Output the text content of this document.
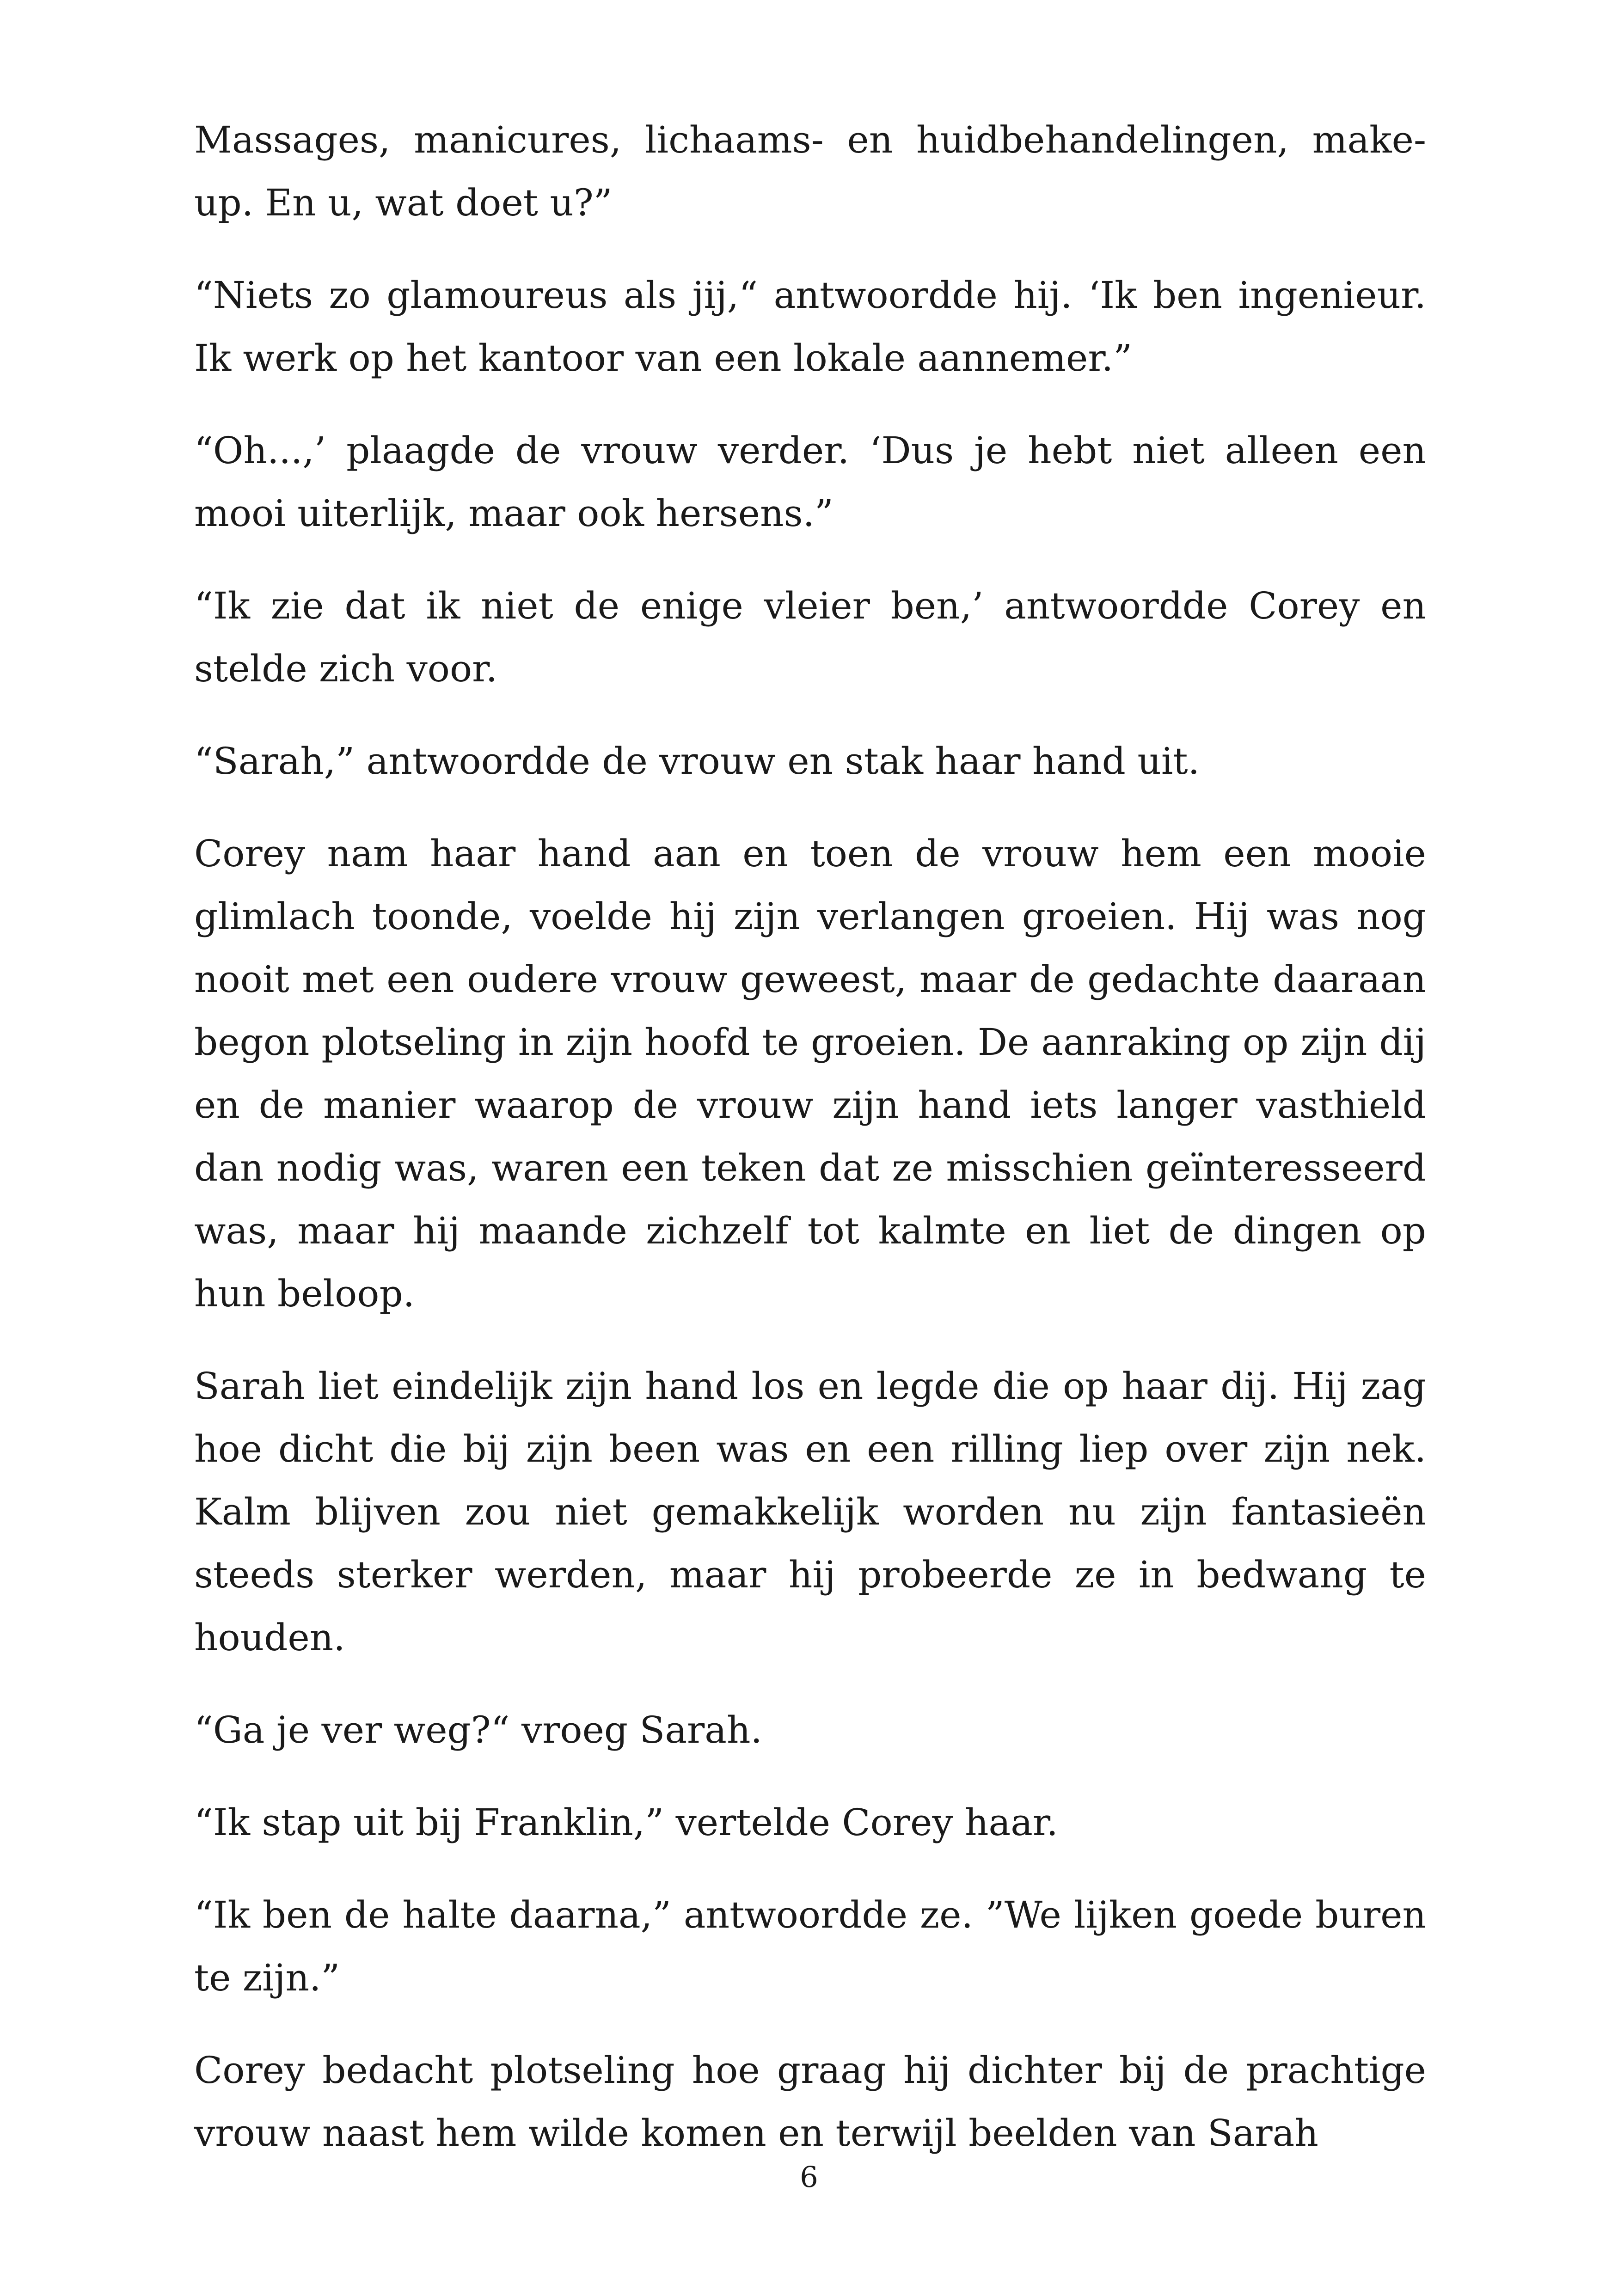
Massages, manicures, lichaams- en huidbehandelingen, make-up. En u, wat doet u?”

“Niets zo glamoureus als jij,“ antwoordde hij. ‘Ik ben ingenieur. Ik werk op het kantoor van een lokale aannemer.”

“Oh...,’ plaagde de vrouw verder. ‘Dus je hebt niet alleen een mooi uiterlijk, maar ook hersens.”

“Ik zie dat ik niet de enige vleier ben,’ antwoordde Corey en stelde zich voor.

“Sarah,” antwoordde de vrouw en stak haar hand uit.

Corey nam haar hand aan en toen de vrouw hem een mooie glimlach toonde, voelde hij zijn verlangen groeien. Hij was nog nooit met een oudere vrouw geweest, maar de gedachte daaraan begon plotseling in zijn hoofd te groeien. De aanraking op zijn dij en de manier waarop de vrouw zijn hand iets langer vasthield dan nodig was, waren een teken dat ze misschien geïnteresseerd was, maar hij maande zichzelf tot kalmte en liet de dingen op hun beloop.

Sarah liet eindelijk zijn hand los en legde die op haar dij. Hij zag hoe dicht die bij zijn been was en een rilling liep over zijn nek. Kalm blijven zou niet gemakkelijk worden nu zijn fantasieën steeds sterker werden, maar hij probeerde ze in bedwang te houden.

“Ga je ver weg?“ vroeg Sarah.

“Ik stap uit bij Franklin,” vertelde Corey haar.

“Ik ben de halte daarna,” antwoordde ze. ”We lijken goede buren te zijn.”

Corey bedacht plotseling hoe graag hij dichter bij de prachtige vrouw naast hem wilde komen en terwijl beelden van Sarah

6
